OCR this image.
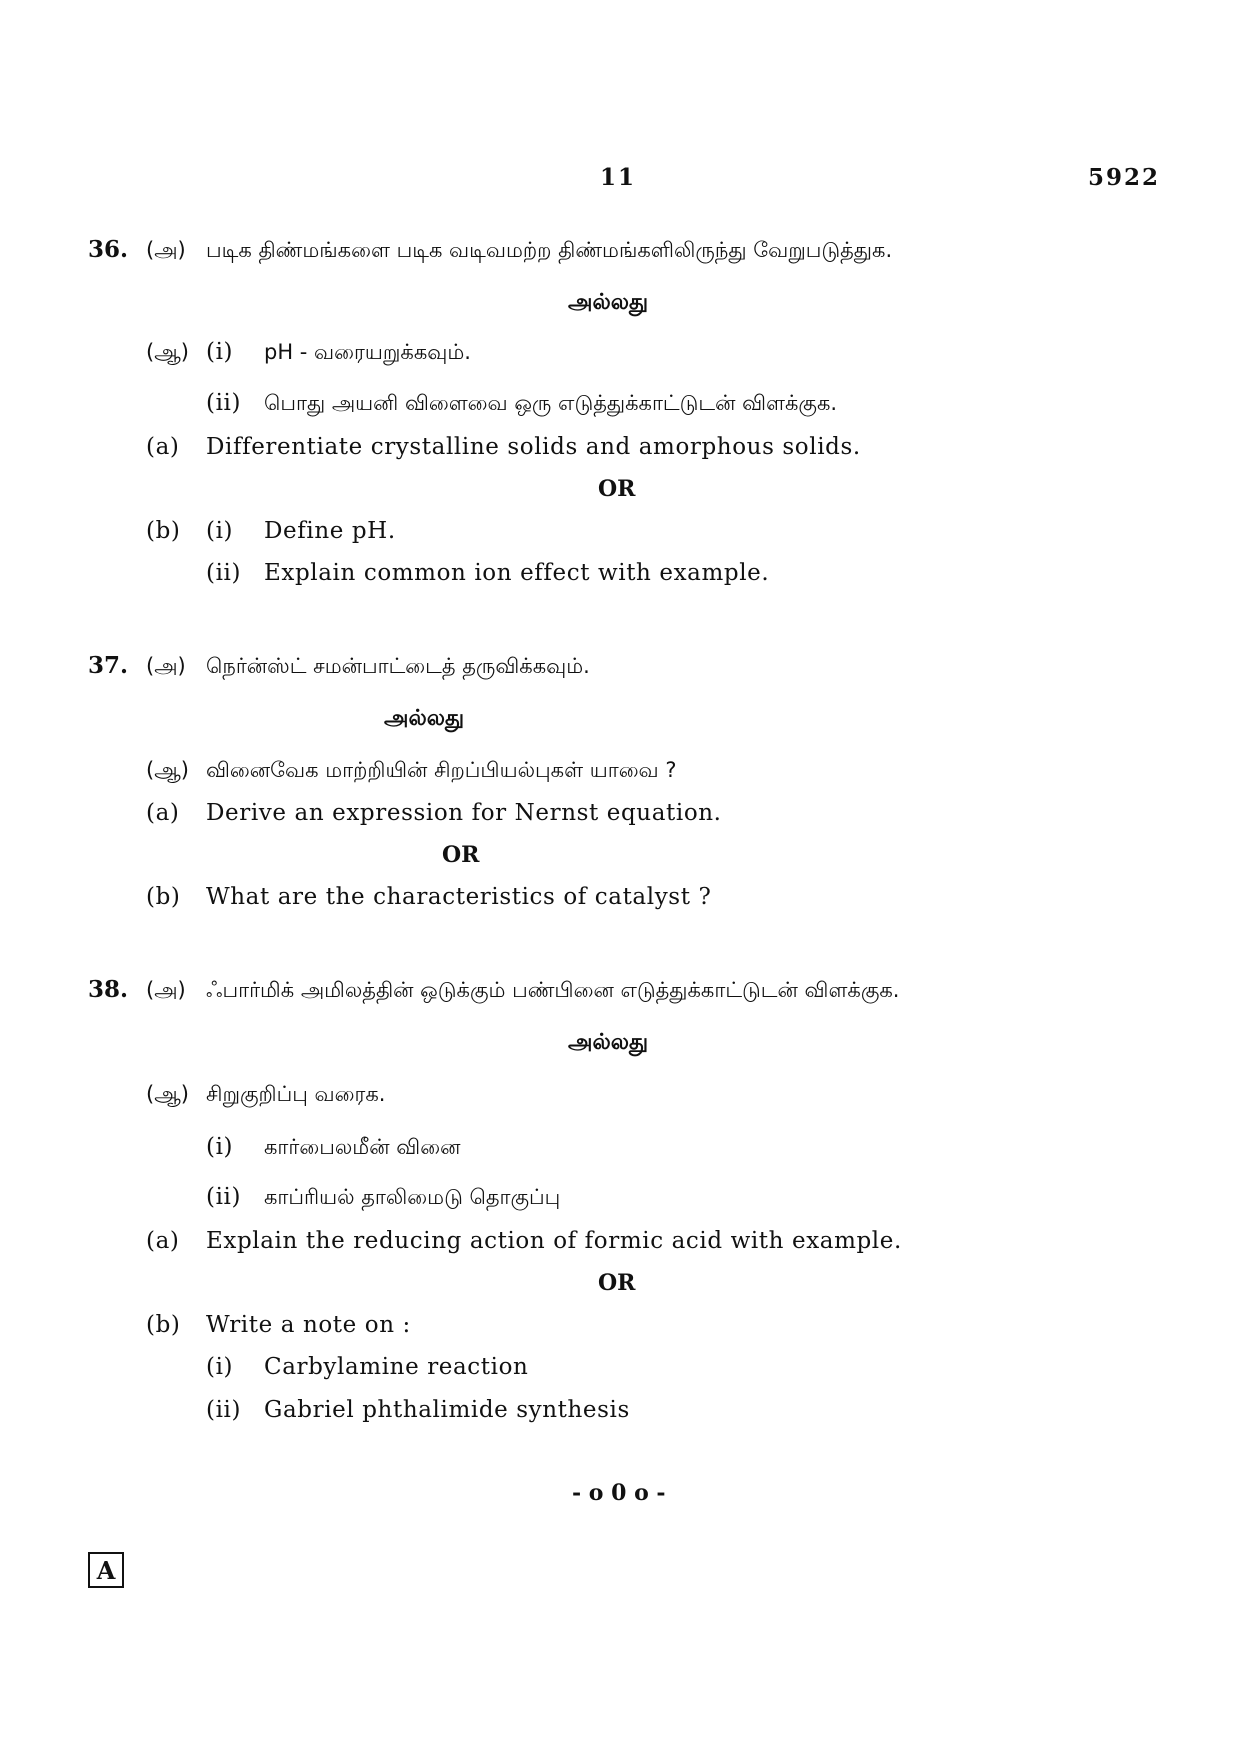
11	5922
36. (அ) படிக திண்மங்களை படிக வடிவமற்ற திண்மங்களிலிருந்து வேறுபடுத்துக.
அல்லது
(ஆ) (i) pH - வரையறுக்கவும்.
(ii) பொது அயனி விளைவை ஒரு எடுத்துக்காட்டுடன் விளக்குக.
(a) Differentiate crystalline solids and amorphous solids.
OR
(b) (i) Define pH.
(ii) Explain common ion effect with example.
37. (அ) நெர்ன்ஸ்ட் சமன்பாட்டைத் தருவிக்கவும்.
அல்லது
(ஆ) வினைவேக மாற்றியின் சிறப்பியல்புகள் யாவை ?
(a) Derive an expression for Nernst equation.
OR
(b) What are the characteristics of catalyst ?
38. (அ) ஃபார்மிக் அமிலத்தின் ஒடுக்கும் பண்பினை எடுத்துக்காட்டுடன் விளக்குக.
அல்லது
(ஆ) சிறுகுறிப்பு வரைக.
(i) கார்பைலமீன் வினை
(ii) காப்ரியல் தாலிமைடு தொகுப்பு
(a) Explain the reducing action of formic acid with example.
OR
(b) Write a note on :
(i) Carbylamine reaction
(ii) Gabriel phthalimide synthesis
- o 0 o -
A
